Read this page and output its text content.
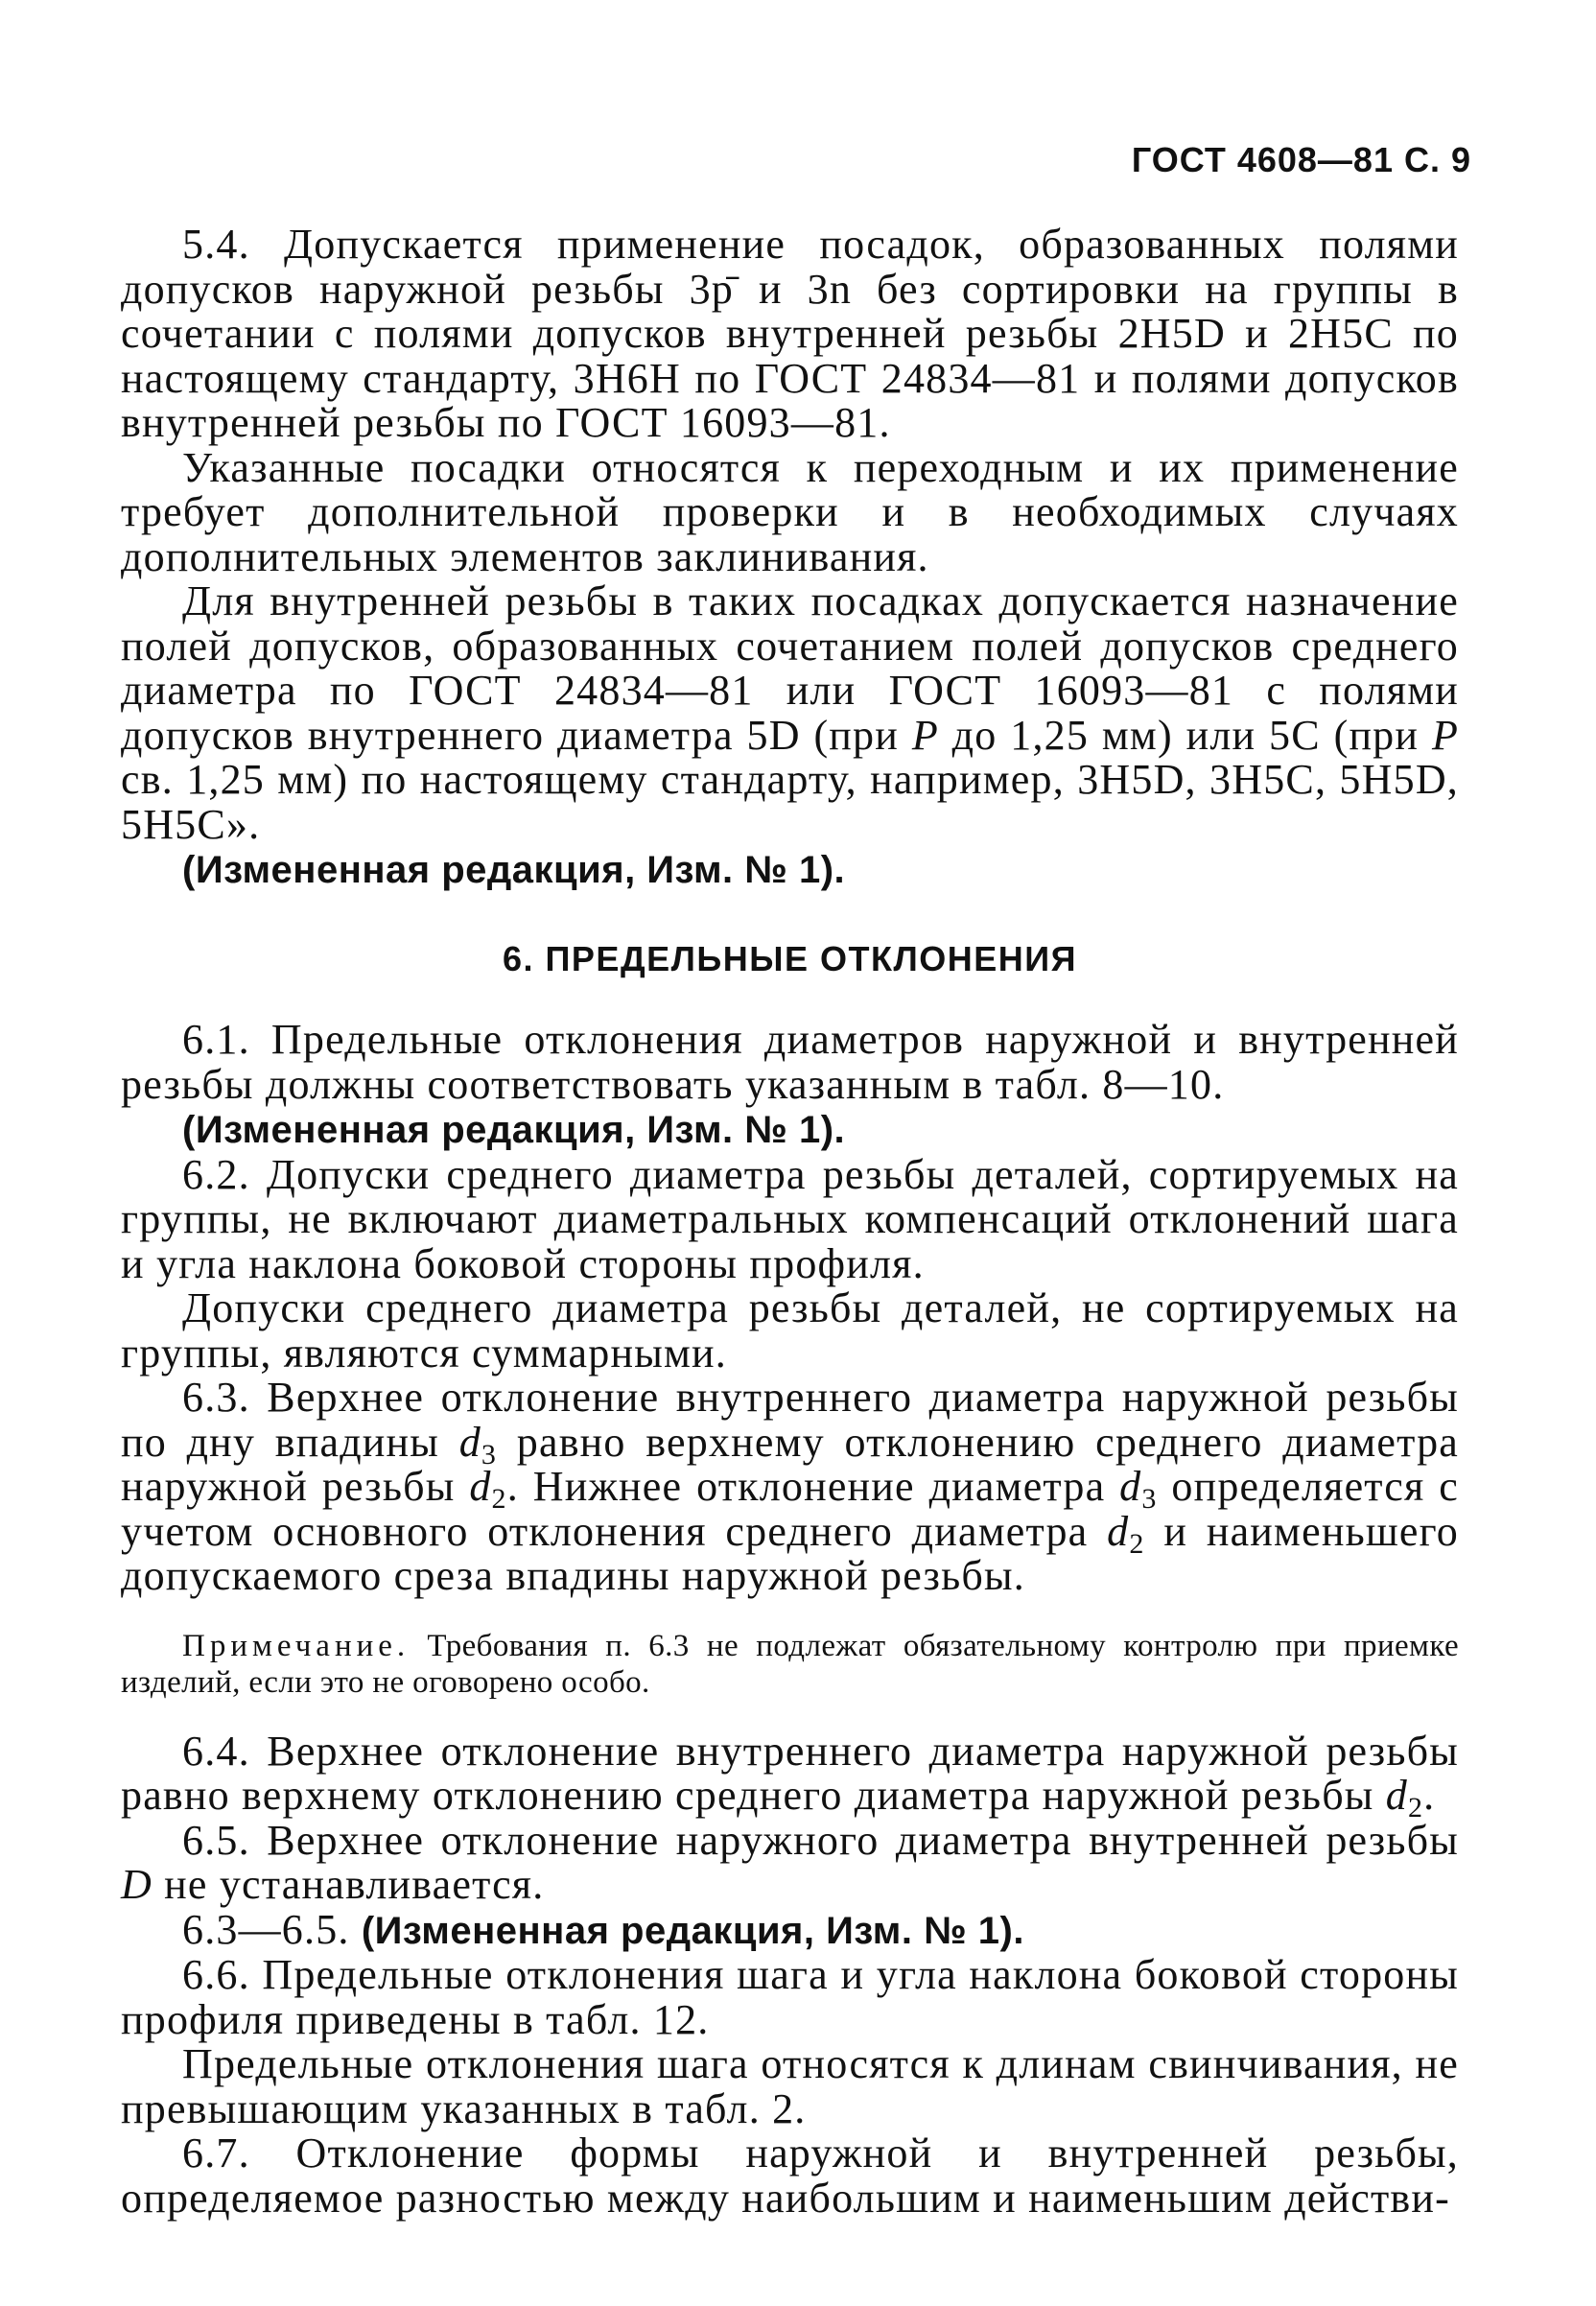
ГОСТ 4608—81 С. 9

5.4. Допускается применение посадок, образованных полями допусков наружной резьбы 3р̄ и 3n без сортировки на группы в сочетании с полями допусков внутренней резьбы 2H5D и 2H5C по настоящему стандарту, 3H6H по ГОСТ 24834—81 и полями допусков внутренней резьбы по ГОСТ 16093—81.

Указанные посадки относятся к переходным и их применение требует дополнительной проверки и в необходимых случаях дополнительных элементов заклинивания.

Для внутренней резьбы в таких посадках допускается назначение полей допусков, образованных сочетанием полей допусков среднего диаметра по ГОСТ 24834—81 или ГОСТ 16093—81 с полями допусков внутреннего диаметра 5D (при P до 1,25 мм) или 5С (при P св. 1,25 мм) по настоящему стандарту, например, 3H5D, 3H5C, 5H5D, 5H5C».

(Измененная редакция, Изм. № 1).

6. ПРЕДЕЛЬНЫЕ ОТКЛОНЕНИЯ

6.1. Предельные отклонения диаметров наружной и внутренней резьбы должны соответствовать указанным в табл. 8—10.

(Измененная редакция, Изм. № 1).

6.2. Допуски среднего диаметра резьбы деталей, сортируемых на группы, не включают диаметральных компенсаций отклонений шага и угла наклона боковой стороны профиля.

Допуски среднего диаметра резьбы деталей, не сортируемых на группы, являются суммарными.

6.3. Верхнее отклонение внутреннего диаметра наружной резьбы по дну впадины $d_3$ равно верхнему отклонению среднего диаметра наружной резьбы $d_2$. Нижнее отклонение диаметра $d_3$ определяется с учетом основного отклонения среднего диаметра $d_2$ и наименьшего допускаемого среза впадины наружной резьбы.

Примечание. Требования п. 6.3 не подлежат обязательному контролю при приемке изделий, если это не оговорено особо.

6.4. Верхнее отклонение внутреннего диаметра наружной резьбы равно верхнему отклонению среднего диаметра наружной резьбы $d_2$.

6.5. Верхнее отклонение наружного диаметра внутренней резьбы D не устанавливается.

6.3—6.5. (Измененная редакция, Изм. № 1).

6.6. Предельные отклонения шага и угла наклона боковой стороны профиля приведены в табл. 12.

Предельные отклонения шага относятся к длинам свинчивания, не превышающим указанных в табл. 2.

6.7. Отклонение формы наружной и внутренней резьбы, определяемое разностью между наибольшим и наименьшим действи-
